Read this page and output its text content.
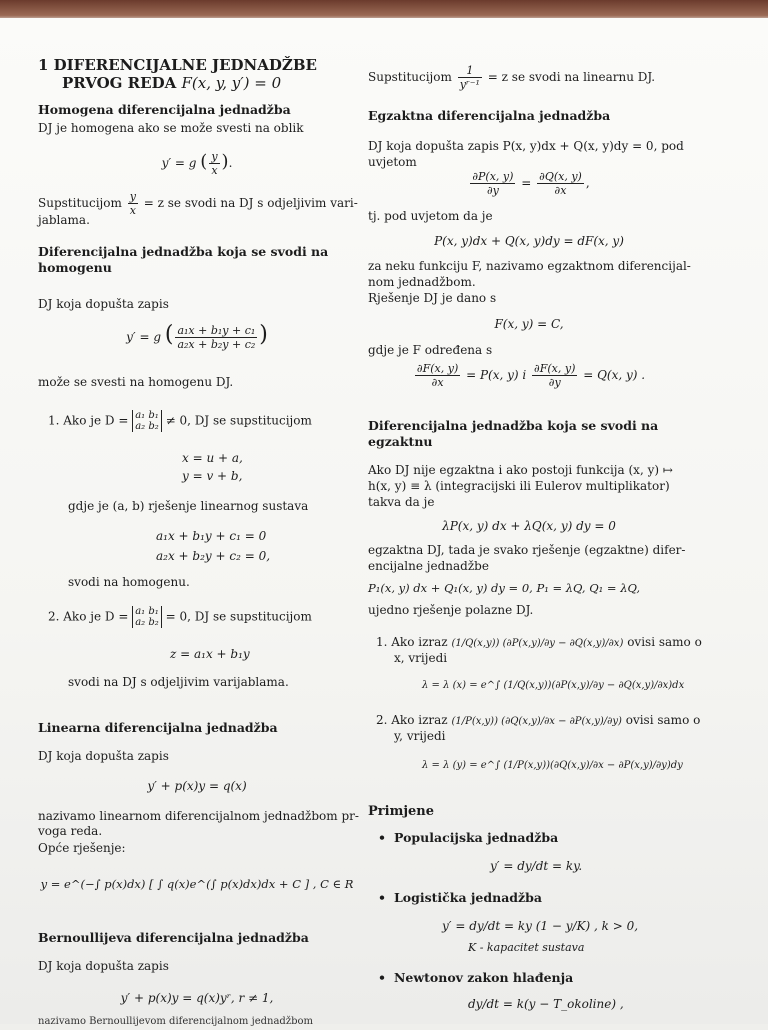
1 DIFERENCIJALNE JEDNADŽBE
PRVOG REDA F(x, y, y′) = 0
Homogena diferencijalna jednadžba
DJ je homogena ako se može svesti na oblik
y′ = g ( $\frac{y}{x}$ ).
Supstitucijom $\frac{y}{x} = z$ se svodi na DJ s odjeljivim vari-
jablama.
Diferencijalna jednadžba koja se svodi na homogenu
DJ koja dopušta zapis
y′ = g ( $\frac{\text{a₁x + b₁y + c₁}}{\text{a₂x + b₂y + c₂}}$ )
može se svesti na homogenu DJ.
1. Ako je D = a₁ b₁
a₂ b₂ ≠ 0, DJ se supstitucijom
x = u + a,
y = v + b,
gdje je (a, b) rješenje linearnog sustava
a₁x + b₁y + c₁ = 0
a₂x + b₂y + c₂ = 0,
svodi na homogenu.
2. Ako je D = a₁ b₁
a₂ b₂ = 0, DJ se supstitucijom
z = a₁x + b₁y
svodi na DJ s odjeljivim varijablama.
Linearna diferencijalna jednadžba
DJ koja dopušta zapis
y′ + p(x)y = q(x)
nazivamo linearnom diferencijalnom jednadžbom pr-
voga reda.
Opće rješenje:
y = e^(−∫ p(x)dx) [ ∫ q(x)e^(∫ p(x)dx)dx + C ] , C ∈ R
Bernoullijeva diferencijalna jednadžba
DJ koja dopušta zapis
y′ + p(x)y = q(x)yʳ, r ≠ 1,
nazivamo Bernoullijevom diferencijalnom jednadžbom
Supstitucijom $\frac{1}{\text{yʳ⁻¹}} = z$ se svodi na linearnu DJ.
Egzaktna diferencijalna jednadžba
DJ koja dopušta zapis P(x, y)dx + Q(x, y)dy = 0, pod
uvjetom
$\frac{\partial P(x, y)}{\partial y} = \frac{\partial Q(x, y)}{\partial x}$ ,
tj. pod uvjetom da je
P(x, y)dx + Q(x, y)dy = dF(x, y)
za neku funkciju F, nazivamo egzaktnom diferencijal-
nom jednadžbom.
Rješenje DJ je dano s
F(x, y) = C,
gdje je F određena s
$\frac{\partial F(x, y)}{\partial x} = P(x$, y) i $\frac{\partial F(x, y)}{\partial y} = Q(x$, y) .
Diferencijalna jednadžba koja se svodi na egzaktnu
Ako DJ nije egzaktna i ako postoji funkcija (x, y) ↦
h(x, y) ≡ λ (integracijski ili Eulerov multiplikator)
takva da je
λP(x, y) dx + λQ(x, y) dy = 0
egzaktna DJ, tada je svako rješenje (egzaktne) difer-
encijalne jednadžbe
P₁(x, y) dx + Q₁(x, y) dy = 0, P₁ = λQ, Q₁ = λQ,
ujedno rješenje polazne DJ.
1. Ako izraz (1/Q(x,y)) (∂P(x,y)/∂y − ∂Q(x,y)/∂x) ovisi samo o
x, vrijedi
λ = λ (x) = e^∫ (1/Q(x,y))(∂P(x,y)/∂y − ∂Q(x,y)/∂x)dx
2. Ako izraz (1/P(x,y)) (∂Q(x,y)/∂x − ∂P(x,y)/∂y) ovisi samo o
y, vrijedi
λ = λ (y) = e^∫ (1/P(x,y))(∂Q(x,y)/∂x − ∂P(x,y)/∂y)dy
Primjene
• Populacijska jednadžba
y′ = dy/dt = ky.
• Logistička jednadžba
y′ = dy/dt = ky (1 − y/K) , k > 0,
K - kapacitet sustava
• Newtonov zakon hlađenja
dy/dt = k(y − T_okoline) ,
